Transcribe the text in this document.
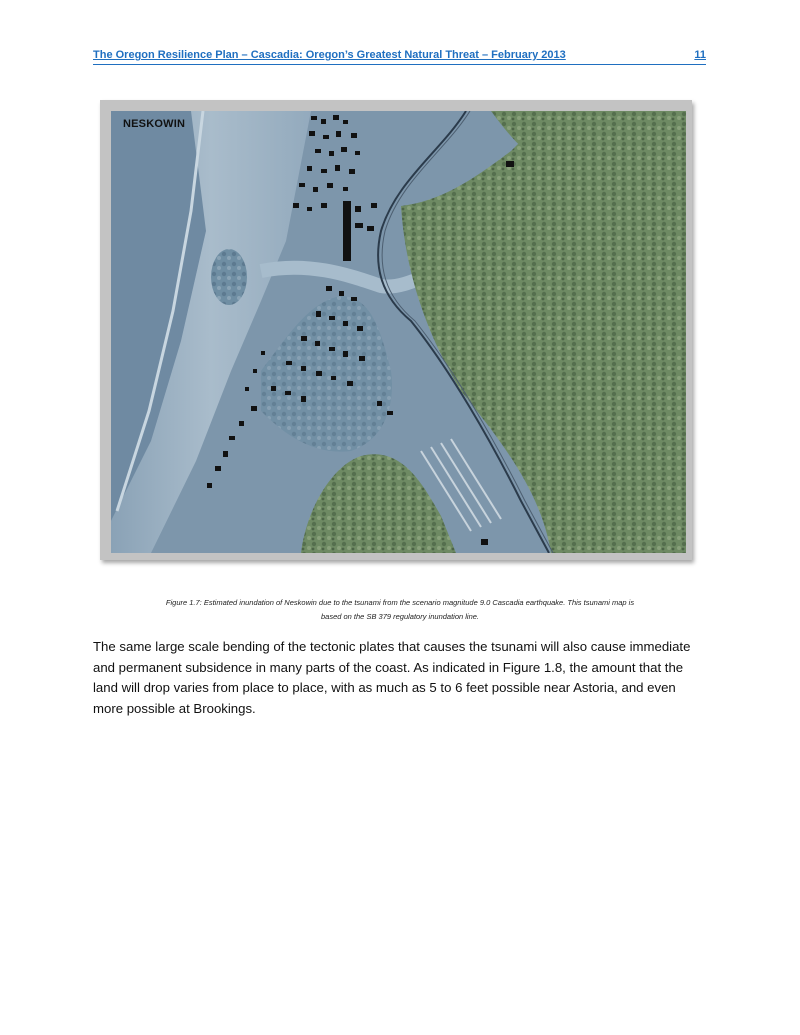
The Oregon Resilience Plan – Cascadia: Oregon’s Greatest Natural Threat – February 2013	11
NESKOWIN
Figure 1.7: Estimated inundation of Neskowin due to the tsunami from the scenario magnitude 9.0 Cascadia earthquake. This tsunami map is
based on the SB 379 regulatory inundation line.
The same large scale bending of the tectonic plates that causes the tsunami will also cause immediate
and permanent subsidence in many parts of the coast. As indicated in Figure 1.8, the amount that the
land will drop varies from place to place, with as much as 5 to 6 feet possible near Astoria, and even
more possible at Brookings.
